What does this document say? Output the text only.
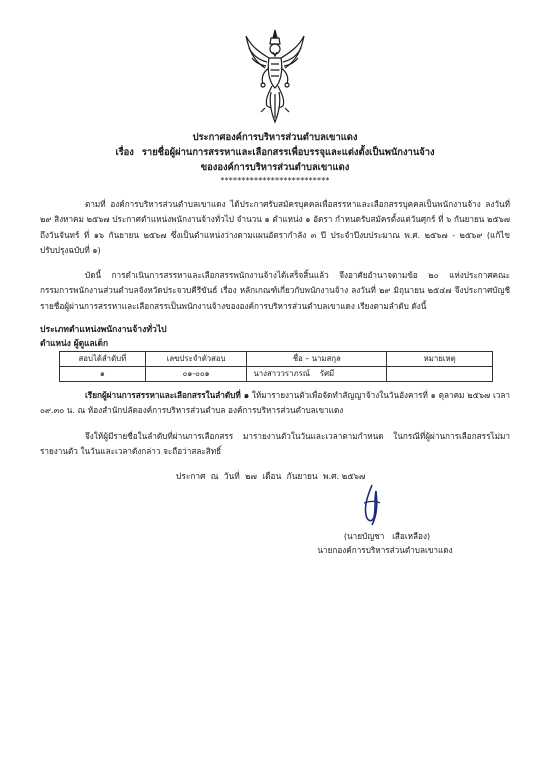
ประกาศองค์การบริหารส่วนตำบลเขาแดง
เรื่อง รายชื่อผู้ผ่านการสรรหาและเลือกสรรเพื่อบรรจุและแต่งตั้งเป็นพนักงานจ้าง
ขององค์การบริหารส่วนตำบลเขาแดง
**************************

ตามที่ องค์การบริหารส่วนตำบลเขาแดง ได้ประกาศรับสมัครบุคคลเพื่อสรรหาและเลือกสรรบุคคลเป็นพนักงานจ้าง ลงวันที่ ๒๙ สิงหาคม ๒๕๖๗ ประกาศตำแหน่งพนักงานจ้างทั่วไป จำนวน ๑ ตำแหน่ง ๑ อัตรา กำหนดรับสมัครตั้งแต่วันศุกร์ ที่ ๖ กันยายน ๒๕๖๗ ถึงวันจันทร์ ที่ ๑๖ กันยายน ๒๕๖๗ ซึ่งเป็นตำแหน่งว่างตามแผนอัตรากำลัง ๓ ปี ประจำปีงบประมาณ พ.ศ. ๒๕๖๗ - ๒๕๖๙ (แก้ไขปรับปรุงฉบับที่ ๑)

บัดนี้ การดำเนินการสรรหาและเลือกสรรพนักงานจ้างได้เสร็จสิ้นแล้ว จึงอาศัยอำนาจตามข้อ ๒๐ แห่งประกาศคณะกรรมการพนักงานส่วนตำบลจังหวัดประจวบคีรีขันธ์ เรื่อง หลักเกณฑ์เกี่ยวกับพนักงานจ้าง ลงวันที่ ๒๙ มิถุนายน ๒๕๔๗ จึงประกาศบัญชีรายชื่อผู้ผ่านการสรรหาและเลือกสรรเป็นพนักงานจ้างขององค์การบริหารส่วนตำบลเขาแดง เรียงตามลำดับ ดังนี้

ประเภทตำแหน่งพนักงานจ้างทั่วไป
ตำแหน่ง ผู้ดูแลเด็ก
สอบได้ลำดับที่	เลขประจำตัวสอบ	ชื่อ – นามสกุล	หมายเหตุ
๑	๐๑-๐๐๑	นางสาววราภรณ์    รัศมี	

เรียกผู้ผ่านการสรรหาและเลือกสรรในลำดับที่ ๑ ให้มารายงานตัวเพื่อจัดทำสัญญาจ้างในวันอังคารที่ ๑ ตุลาคม ๒๕๖๗ เวลา ๐๙.๓๐ น. ณ ห้องสำนักปลัดองค์การบริหารส่วนตำบล องค์การบริหารส่วนตำบลเขาแดง

จึงให้ผู้มีรายชื่อในลำดับที่ผ่านการเลือกสรร มารายงานตัวในวันและเวลาตามกำหนด ในกรณีที่ผู้ผ่านการเลือกสรรไม่มารายงานตัว ในวันและเวลาดังกล่าว จะถือว่าสละสิทธิ์

ประกาศ  ณ  วันที่  ๒๗  เดือน  กันยายน  พ.ศ. ๒๕๖๗
(นายบัญชา   เสือเหลือง)
นายกองค์การบริหารส่วนตำบลเขาแดง
